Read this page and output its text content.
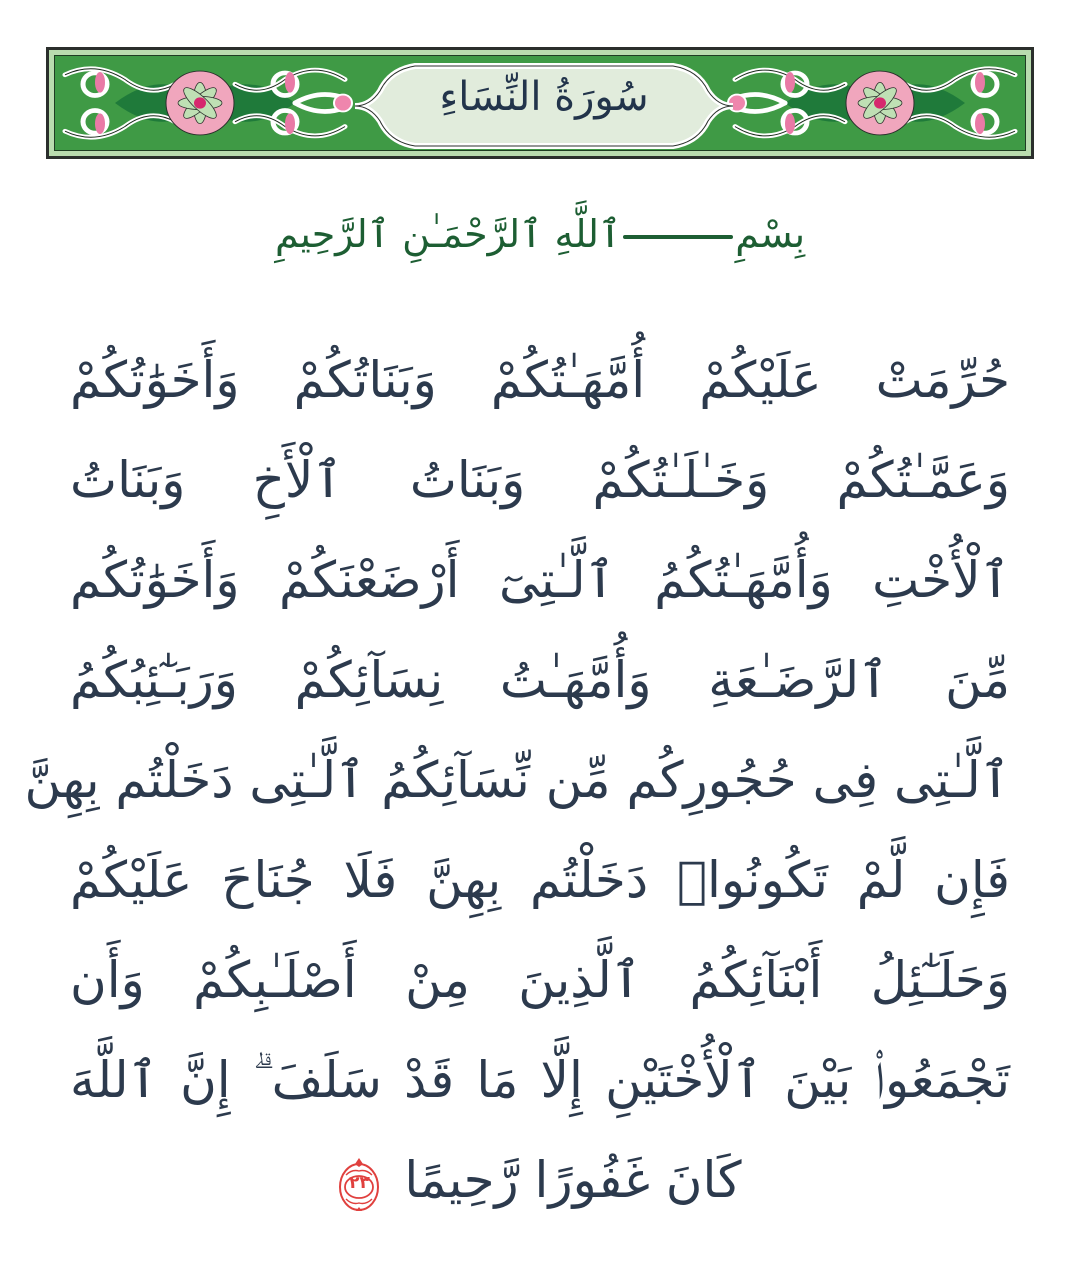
سُورَةُ النِّسَاءِ
بِسْمِٱللَّهِ ٱلرَّحْمَـٰنِ ٱلرَّحِيمِ
حُرِّمَتْ عَلَيْكُمْ أُمَّهَـٰتُكُمْ وَبَنَاتُكُمْ وَأَخَوَٰتُكُمْ
وَعَمَّـٰتُكُمْ وَخَـٰلَـٰتُكُمْ وَبَنَاتُ ٱلْأَخِ وَبَنَاتُ
ٱلْأُخْتِ وَأُمَّهَـٰتُكُمُ ٱلَّـٰتِىٓ أَرْضَعْنَكُمْ وَأَخَوَٰتُكُم
مِّنَ ٱلرَّضَـٰعَةِ وَأُمَّهَـٰتُ نِسَآئِكُمْ وَرَبَـٰٓئِبُكُمُ
ٱلَّـٰتِى فِى حُجُورِكُم مِّن نِّسَآئِكُمُ ٱلَّـٰتِى دَخَلْتُم بِهِنَّ
فَإِن لَّمْ تَكُونُوا۟ دَخَلْتُم بِهِنَّ فَلَا جُنَاحَ عَلَيْكُمْ
وَحَلَـٰٓئِلُ أَبْنَآئِكُمُ ٱلَّذِينَ مِنْ أَصْلَـٰبِكُمْ وَأَن
تَجْمَعُوا۟ بَيْنَ ٱلْأُخْتَيْنِ إِلَّا مَا قَدْ سَلَفَ ۗ إِنَّ ٱللَّهَ
كَانَ غَفُورًا رَّحِيمًا
٢٣
